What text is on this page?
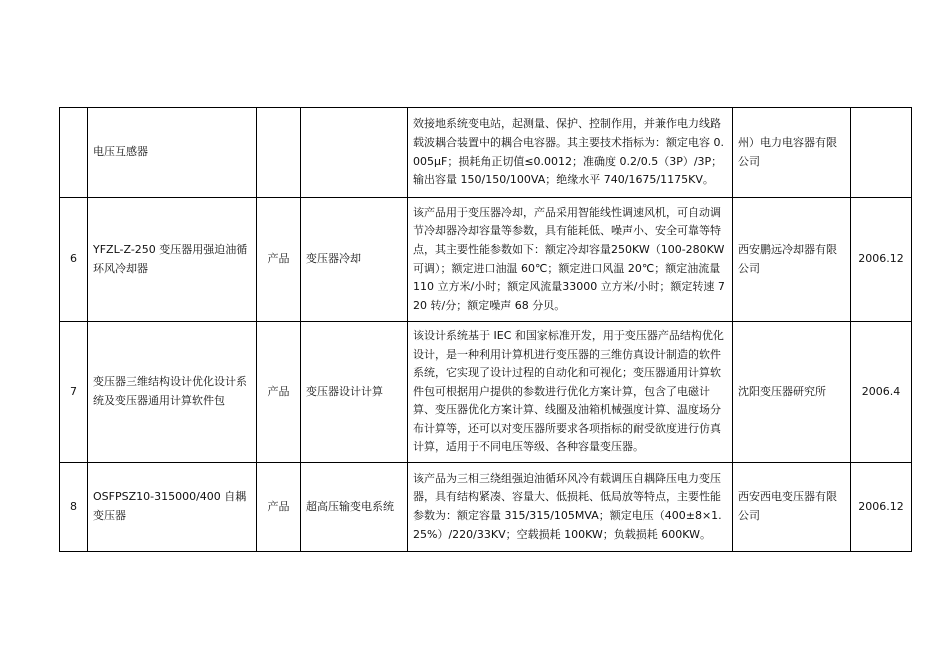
	电压互感器			效接地系统变电站，起测量、保护、控制作用，并兼作电力线路载波耦合装置中的耦合电容器。其主要技术指标为：额定电容 0.005μF；损耗角正切值≤0.0012；准确度 0.2/0.5（3P）/3P；输出容量 150/150/100VA；绝缘水平 740/1675/1175KV。	州）电力电容器有限公司	
6	YFZL-Z-250 变压器用强迫油循环风冷却器	产品	变压器冷却	该产品用于变压器冷却，产品采用智能线性调速风机，可自动调节冷却器冷却容量等参数，具有能耗低、噪声小、安全可靠等特点，其主要性能参数如下：额定冷却容量250KW（100-280KW 可调）；额定进口油温 60℃；额定进口风温 20℃；额定油流量 110 立方米/小时；额定风流量33000 立方米/小时；额定转速 720 转/分；额定噪声 68 分贝。	西安鹏远冷却器有限公司	2006.12
7	变压器三维结构设计优化设计系统及变压器通用计算软件包	产品	变压器设计计算	该设计系统基于 IEC 和国家标准开发，用于变压器产品结构优化设计，是一种利用计算机进行变压器的三维仿真设计制造的软件系统，它实现了设计过程的自动化和可视化；变压器通用计算软件包可根据用户提供的参数进行优化方案计算，包含了电磁计算、变压器优化方案计算、线圈及油箱机械强度计算、温度场分布计算等，还可以对变压器所要求各项指标的耐受欲度进行仿真计算，适用于不同电压等级、各种容量变压器。	沈阳变压器研究所	2006.4
8	OSFPSZ10-315000/400 自耦变压器	产品	超高压输变电系统	该产品为三相三绕组强迫油循环风冷有载调压自耦降压电力变压器，具有结构紧凑、容量大、低损耗、低局放等特点，主要性能参数为：额定容量 315/315/105MVA；额定电压（400±8×1.25%）/220/33KV；空载损耗 100KW；负载损耗 600KW。	西安西电变压器有限公司	2006.12
